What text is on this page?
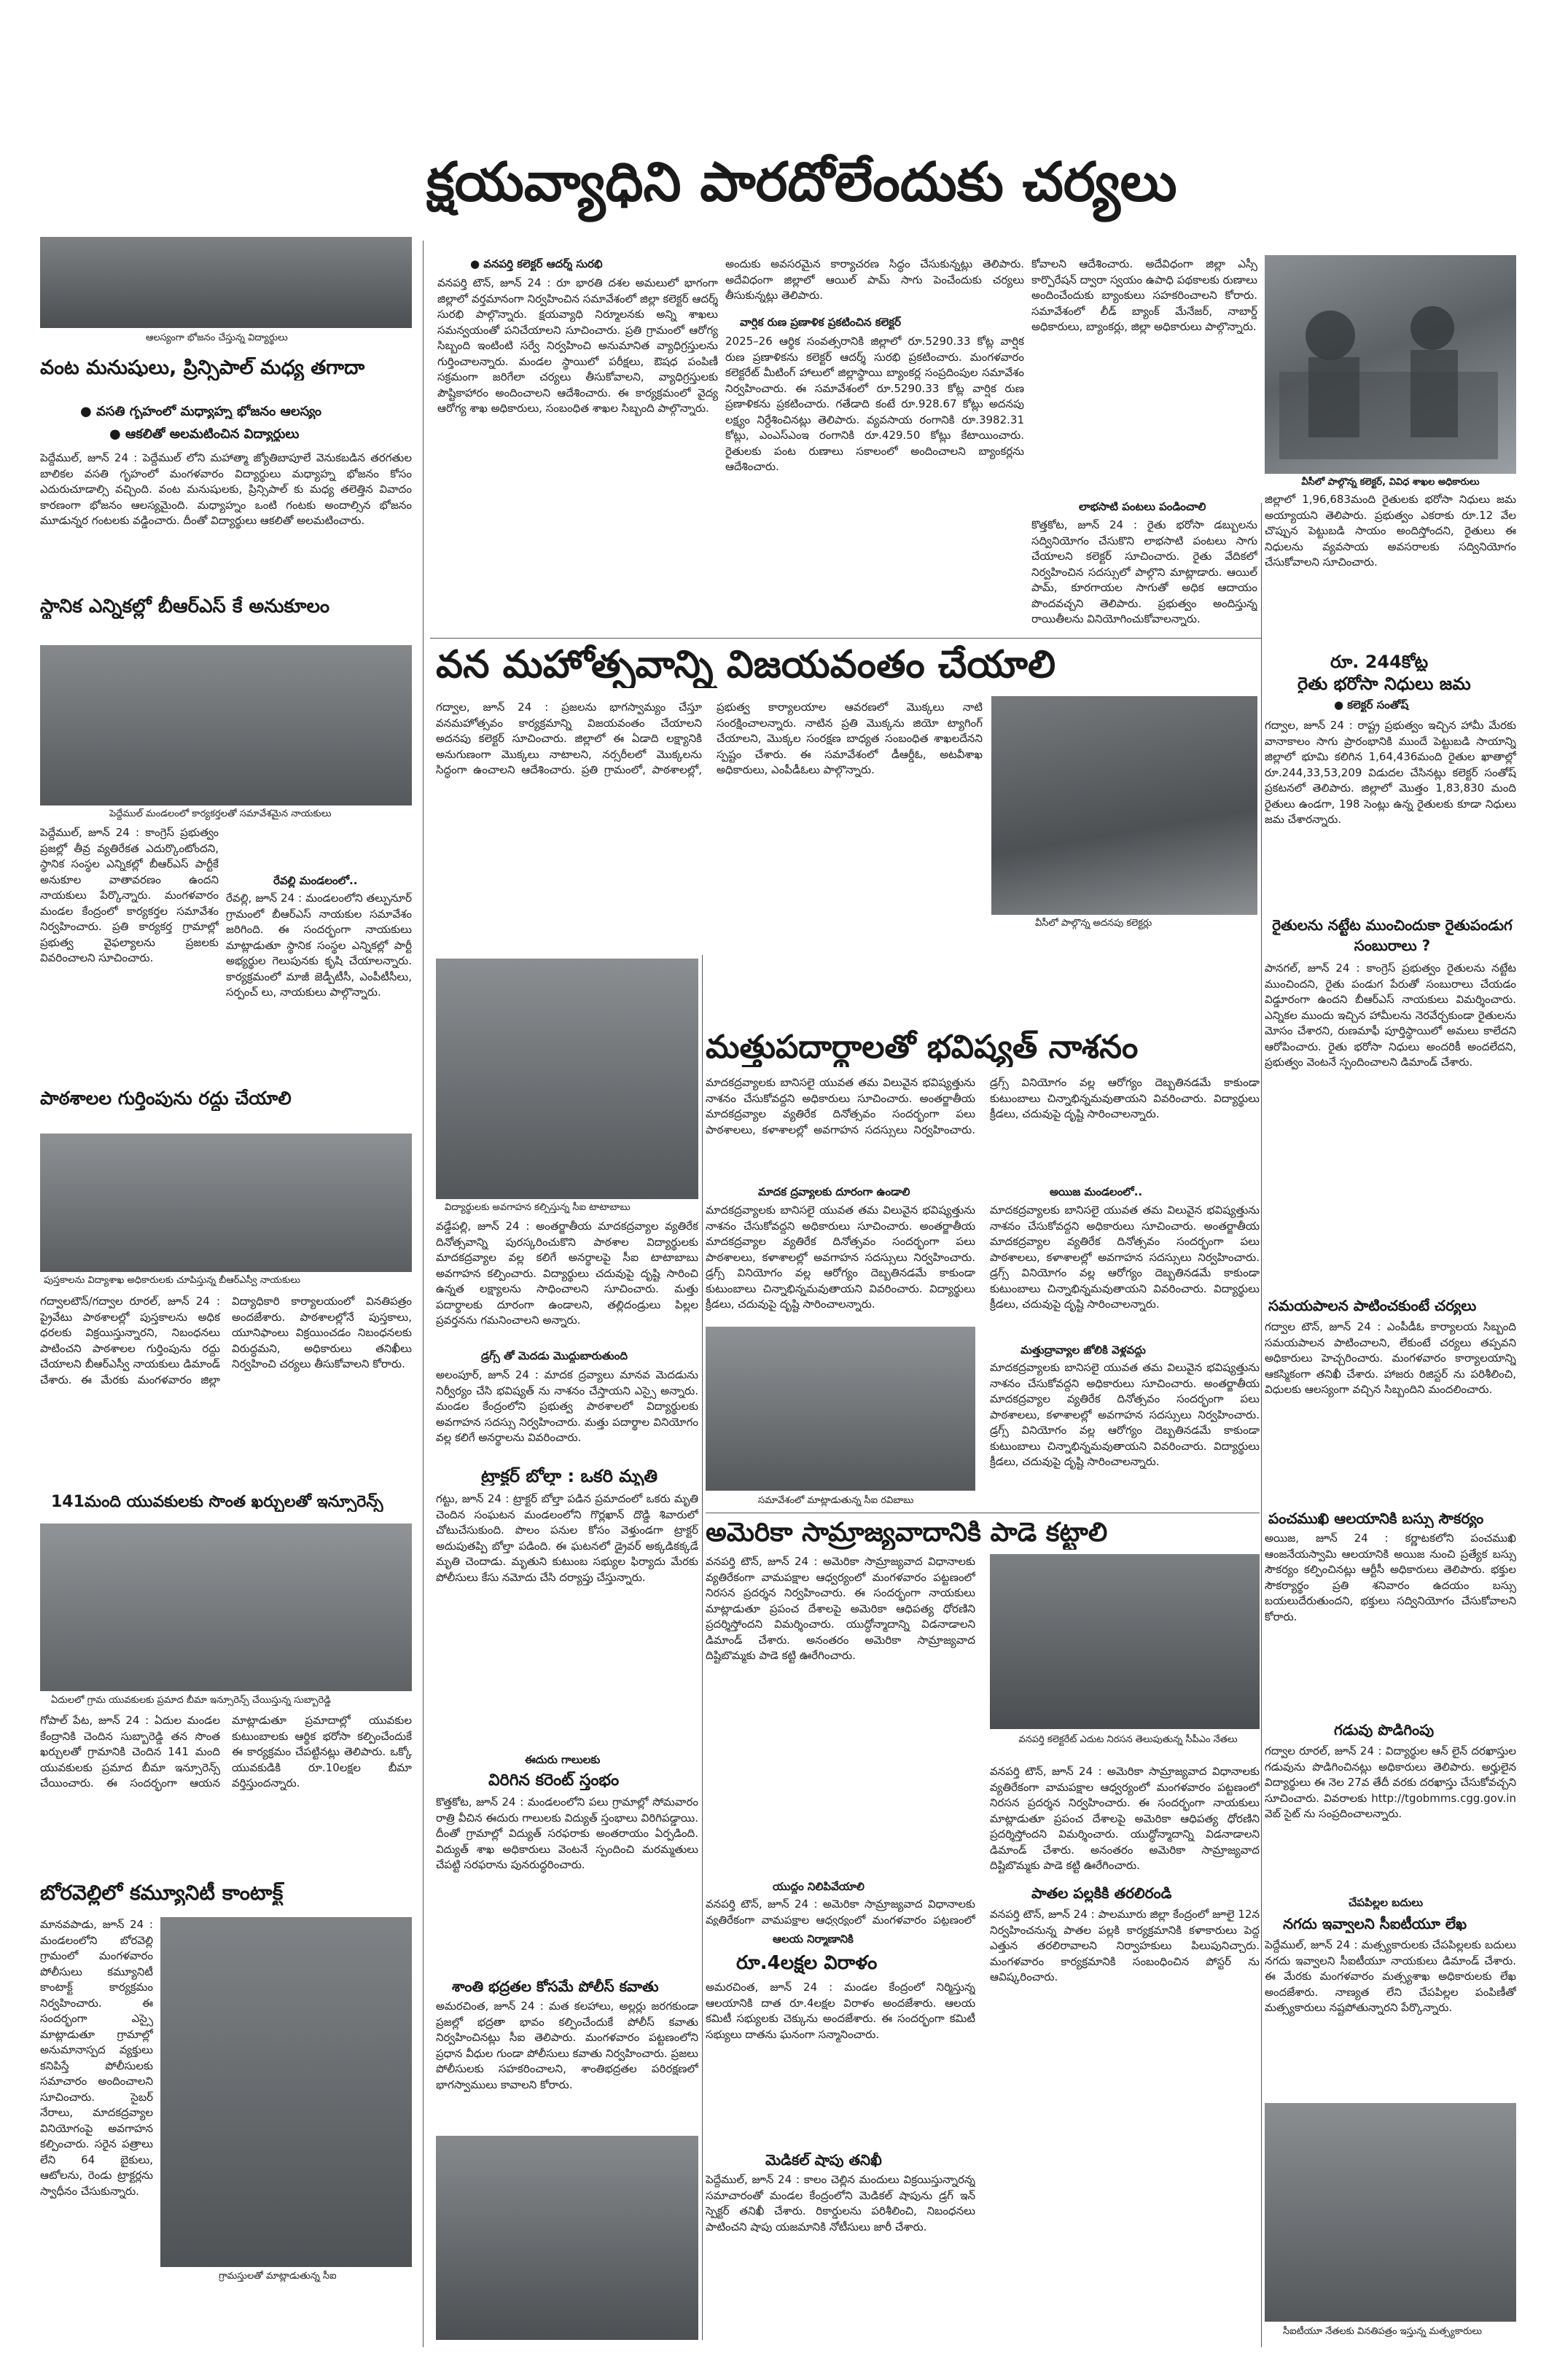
క్షయవ్యాధిని పారదోలేందుకు చర్యలు
● వనపర్తి కలెక్టర్ ఆదర్శ్ సురభి
వనపర్తి టౌన్, జూన్ 24 : రూ భారతి దశల అమలులో భాగంగా జిల్లాలో వర్తమానంగా నిర్వహించిన సమావేశంలో జిల్లా కలెక్టర్ ఆదర్శ్ సురభి పాల్గొన్నారు. క్షయవ్యాధి నిర్మూలనకు అన్ని శాఖలు సమన్వయంతో పనిచేయాలని సూచించారు. ప్రతి గ్రామంలో ఆరోగ్య సిబ్బంది ఇంటింటి సర్వే నిర్వహించి అనుమానిత వ్యాధిగ్రస్తులను గుర్తించాలన్నారు. మండల స్థాయిలో పరీక్షలు, ఔషధ పంపిణీ సక్రమంగా జరిగేలా చర్యలు తీసుకోవాలని, వ్యాధిగ్రస్తులకు పౌష్టికాహారం అందించాలని ఆదేశించారు. ఈ కార్యక్రమంలో వైద్య ఆరోగ్య శాఖ అధికారులు, సంబంధిత శాఖల సిబ్బంది పాల్గొన్నారు.
అందుకు అవసరమైన కార్యాచరణ సిద్ధం చేసుకున్నట్లు తెలిపారు. అదేవిధంగా జిల్లాలో ఆయిల్ పామ్ సాగు పెంచేందుకు చర్యలు తీసుకున్నట్లు తెలిపారు.
వార్షిక రుణ ప్రణాళిక ప్రకటించిన కలెక్టర్
2025–26 ఆర్థిక సంవత్సరానికి జిల్లాలో రూ.5290.33 కోట్ల వార్షిక రుణ ప్రణాళికను కలెక్టర్ ఆదర్శ్ సురభి ప్రకటించారు. మంగళవారం కలెక్టరేట్ మీటింగ్ హాలులో జిల్లాస్థాయి బ్యాంకర్ల సంప్రదింపుల సమావేశం నిర్వహించారు. ఈ సమావేశంలో రూ.5290.33 కోట్ల వార్షిక రుణ ప్రణాళికను ప్రకటించారు. గతేడాది కంటే రూ.928.67 కోట్లు అదనపు లక్ష్యం నిర్దేశించినట్లు తెలిపారు. వ్యవసాయ రంగానికి రూ.3982.31 కోట్లు, ఎంఎస్ఎంఇ రంగానికి రూ.429.50 కోట్లు కేటాయించారు. రైతులకు పంట రుణాలు సకాలంలో అందించాలని బ్యాంకర్లను ఆదేశించారు.
కోవాలని ఆదేశించారు. అదేవిధంగా జిల్లా ఎస్సీ కార్పొరేషన్ ద్వారా స్వయం ఉపాధి పథకాలకు రుణాలు అందించేందుకు బ్యాంకులు సహకరించాలని కోరారు. సమావేశంలో లీడ్ బ్యాంక్ మేనేజర్, నాబార్డ్ అధికారులు, బ్యాంకర్లు, జిల్లా అధికారులు పాల్గొన్నారు.
వీసీలో పాల్గొన్న కలెక్టర్, వివిధ శాఖల అధికారులు
ఆలస్యంగా భోజనం చేస్తున్న విద్యార్థులు
వంట మనుషులు, ప్రిన్సిపాల్ మధ్య తగాదా
● వసతి గృహంలో మధ్యాహ్న భోజనం ఆలస్యం
● ఆకలితో అలమటించిన విద్యార్థులు
పెద్దేముల్, జూన్ 24 : పెద్దేముల్ లోని మహాత్మా జ్యోతిబాపూలే వెనుకబడిన తరగతుల బాలికల వసతి గృహంలో మంగళవారం విద్యార్థులు మధ్యాహ్న భోజనం కోసం ఎదురుచూడాల్సి వచ్చింది. వంట మనుషులకు, ప్రిన్సిపాల్ కు మధ్య తలెత్తిన వివాదం కారణంగా భోజనం ఆలస్యమైంది. మధ్యాహ్నం ఒంటి గంటకు అందాల్సిన భోజనం మూడున్నర గంటలకు వడ్డించారు. దీంతో విద్యార్థులు ఆకలితో అలమటించారు.
స్థానిక ఎన్నికల్లో బీఆర్ఎస్ కే అనుకూలం
వన మహోత్సవాన్ని విజయవంతం చేయాలి
గద్వాల, జూన్ 24 : ప్రజలను భాగస్వామ్యం చేస్తూ వనమహోత్సవం కార్యక్రమాన్ని విజయవంతం చేయాలని అదనపు కలెక్టర్ సూచించారు. జిల్లాలో ఈ ఏడాది లక్ష్యానికి అనుగుణంగా మొక్కలు నాటాలని, నర్సరీలలో మొక్కలను సిద్ధంగా ఉంచాలని ఆదేశించారు. ప్రతి గ్రామంలో, పాఠశాలల్లో, ప్రభుత్వ కార్యాలయాల ఆవరణలో మొక్కలు నాటి సంరక్షించాలన్నారు. నాటిన ప్రతి మొక్కను జియో ట్యాగింగ్ చేయాలని, మొక్కల సంరక్షణ బాధ్యత సంబంధిత శాఖలదేనని స్పష్టం చేశారు. ఈ సమావేశంలో డీఆర్డీఓ, అటవీశాఖ అధికారులు, ఎంపీడీఓలు పాల్గొన్నారు.
వీసీలో పాల్గొన్న అదనపు కలెక్టర్లు
పెద్దేముల్ మండలంలో కార్యకర్తలతో సమావేశమైన నాయకులు
పెద్దేముల్, జూన్ 24 : కాంగ్రెస్ ప్రభుత్వం ప్రజల్లో తీవ్ర వ్యతిరేకత ఎదుర్కొంటోందని, స్థానిక సంస్థల ఎన్నికల్లో బీఆర్ఎస్ పార్టీకే అనుకూల వాతావరణం ఉందని నాయకులు పేర్కొన్నారు. మంగళవారం మండల కేంద్రంలో కార్యకర్తల సమావేశం నిర్వహించారు. ప్రతి కార్యకర్త గ్రామాల్లో ప్రభుత్వ వైఫల్యాలను ప్రజలకు వివరించాలని సూచించారు.
రేవల్లి మండలంలో..
రేవల్లి, జూన్ 24 : మండలంలోని తల్పునూర్ గ్రామంలో బీఆర్ఎస్ నాయకుల సమావేశం జరిగింది. ఈ సందర్భంగా నాయకులు మాట్లాడుతూ స్థానిక సంస్థల ఎన్నికల్లో పార్టీ అభ్యర్థుల గెలుపునకు కృషి చేయాలన్నారు. కార్యక్రమంలో మాజీ జెడ్పీటీసీ, ఎంపీటీసీలు, సర్పంచ్ లు, నాయకులు పాల్గొన్నారు.
పాఠశాలల గుర్తింపును రద్దు చేయాలి
పుస్తకాలను విద్యాశాఖ అధికారులకు చూపిస్తున్న బీఆర్ఎస్వీ నాయకులు
గద్వాలటౌన్/గద్వాల రూరల్, జూన్ 24 : ప్రైవేటు పాఠశాలల్లో పుస్తకాలను అధిక ధరలకు విక్రయిస్తున్నారని, నిబంధనలు పాటించని పాఠశాలల గుర్తింపును రద్దు చేయాలని బీఆర్ఎస్వీ నాయకులు డిమాండ్ చేశారు. ఈ మేరకు మంగళవారం జిల్లా విద్యాధికారి కార్యాలయంలో వినతిపత్రం అందజేశారు. పాఠశాలల్లోనే పుస్తకాలు, యూనిఫాంలు విక్రయించడం నిబంధనలకు విరుద్ధమని, అధికారులు తనిఖీలు నిర్వహించి చర్యలు తీసుకోవాలని కోరారు.
141మంది యువకులకు సొంత ఖర్చులతో ఇన్సూరెన్స్
ఏదులలో గ్రామ యువకులకు ప్రమాద బీమా ఇన్సూరెన్స్ చేయిస్తున్న సుబ్బారెడ్డి
గోపాల్ పేట, జూన్ 24 : ఏదుల మండల కేంద్రానికి చెందిన సుబ్బారెడ్డి తన సొంత ఖర్చులతో గ్రామానికి చెందిన 141 మంది యువకులకు ప్రమాద బీమా ఇన్సూరెన్స్ చేయించారు. ఈ సందర్భంగా ఆయన మాట్లాడుతూ ప్రమాదాల్లో యువకుల కుటుంబాలకు ఆర్థిక భరోసా కల్పించేందుకే ఈ కార్యక్రమం చేపట్టినట్లు తెలిపారు. ఒక్కో యువకుడికి రూ.10లక్షల బీమా వర్తిస్తుందన్నారు.
బోరవెల్లిలో కమ్యూనిటీ కాంటాక్ట్
మానవపాడు, జూన్ 24 : మండలంలోని బోరవెల్లి గ్రామంలో మంగళవారం పోలీసులు కమ్యూనిటీ కాంటాక్ట్ కార్యక్రమం నిర్వహించారు. ఈ సందర్భంగా ఎస్సై మాట్లాడుతూ గ్రామాల్లో అనుమానాస్పద వ్యక్తులు కనిపిస్తే పోలీసులకు సమాచారం అందించాలని సూచించారు. సైబర్ నేరాలు, మాదకద్రవ్యాల వినియోగంపై అవగాహన కల్పించారు. సరైన పత్రాలు లేని 64 బైకులు, ఆటోలను, రెండు ట్రాక్టర్లను స్వాధీనం చేసుకున్నారు.
గ్రామస్తులతో మాట్లాడుతున్న సీఐ
విద్యార్థులకు అవగాహన కల్పిస్తున్న సీఐ టాటాబాబు
వడ్డేపల్లి, జూన్ 24 : అంతర్జాతీయ మాదకద్రవ్యాల వ్యతిరేక దినోత్సవాన్ని పురస్కరించుకొని పాఠశాల విద్యార్థులకు మాదకద్రవ్యాల వల్ల కలిగే అనర్థాలపై సీఐ టాటాబాబు అవగాహన కల్పించారు. విద్యార్థులు చదువుపై దృష్టి సారించి ఉన్నత లక్ష్యాలను సాధించాలని సూచించారు. మత్తు పదార్థాలకు దూరంగా ఉండాలని, తల్లిదండ్రులు పిల్లల ప్రవర్తనను గమనించాలని అన్నారు.
డ్రగ్స్ తో మెదడు మొద్దుబారుతుంది
అలంపూర్, జూన్ 24 : మాదక ద్రవ్యాలు మానవ మెదడును నిర్వీర్యం చేసి భవిష్యత్ ను నాశనం చేస్తాయని ఎస్సై అన్నారు. మండల కేంద్రంలోని ప్రభుత్వ పాఠశాలలో విద్యార్థులకు అవగాహన సదస్సు నిర్వహించారు. మత్తు పదార్థాల వినియోగం వల్ల కలిగే అనర్థాలను వివరించారు.
ట్రాక్టర్ బోల్తా : ఒకరి మృతి
గట్టు, జూన్ 24 : ట్రాక్టర్ బోల్తా పడిన ప్రమాదంలో ఒకరు మృతి చెందిన సంఘటన మండలంలోని గొర్లఖాన్ దొడ్డి శివారులో చోటుచేసుకుంది. పొలం పనుల కోసం వెళ్తుండగా ట్రాక్టర్ అదుపుతప్పి బోల్తా పడింది. ఈ ఘటనలో డ్రైవర్ అక్కడికక్కడే మృతి చెందాడు. మృతుని కుటుంబ సభ్యుల ఫిర్యాదు మేరకు పోలీసులు కేసు నమోదు చేసి దర్యాప్తు చేస్తున్నారు.
ఈదురు గాలులకు
విరిగిన కరెంట్ స్తంభం
కొత్తకోట, జూన్ 24 : మండలంలోని పలు గ్రామాల్లో సోమవారం రాత్రి వీచిన ఈదురు గాలులకు విద్యుత్ స్తంభాలు విరిగిపడ్డాయి. దీంతో గ్రామాల్లో విద్యుత్ సరఫరాకు అంతరాయం ఏర్పడింది. విద్యుత్ శాఖ అధికారులు వెంటనే స్పందించి మరమ్మతులు చేపట్టి సరఫరాను పునరుద్ధరించారు.
శాంతి భద్రతల కోసమే పోలీస్ కవాతు
అమరచింత, జూన్ 24 : మత కలహాలు, అల్లర్లు జరగకుండా ప్రజల్లో భద్రతా భావం కల్పించేందుకే పోలీస్ కవాతు నిర్వహించినట్లు సీఐ తెలిపారు. మంగళవారం పట్టణంలోని ప్రధాన వీధుల గుండా పోలీసులు కవాతు నిర్వహించారు. ప్రజలు పోలీసులకు సహకరించాలని, శాంతిభద్రతల పరిరక్షణలో భాగస్వాములు కావాలని కోరారు.
మత్తుపదార్థాలతో భవిష్యత్ నాశనం
మాదకద్రవ్యాలకు బానిసలై యువత తమ విలువైన భవిష్యత్తును నాశనం చేసుకోవద్దని అధికారులు సూచించారు. అంతర్జాతీయ మాదకద్రవ్యాల వ్యతిరేక దినోత్సవం సందర్భంగా పలు పాఠశాలలు, కళాశాలల్లో అవగాహన సదస్సులు నిర్వహించారు. డ్రగ్స్ వినియోగం వల్ల ఆరోగ్యం దెబ్బతినడమే కాకుండా కుటుంబాలు చిన్నాభిన్నమవుతాయని వివరించారు. విద్యార్థులు క్రీడలు, చదువుపై దృష్టి సారించాలన్నారు.
మాదక ద్రవ్యాలకు దూరంగా ఉండాలి	అయిజ మండలంలో..
మాదకద్రవ్యాలకు బానిసలై యువత తమ విలువైన భవిష్యత్తును నాశనం చేసుకోవద్దని అధికారులు సూచించారు. అంతర్జాతీయ మాదకద్రవ్యాల వ్యతిరేక దినోత్సవం సందర్భంగా పలు పాఠశాలలు, కళాశాలల్లో అవగాహన సదస్సులు నిర్వహించారు. డ్రగ్స్ వినియోగం వల్ల ఆరోగ్యం దెబ్బతినడమే కాకుండా కుటుంబాలు చిన్నాభిన్నమవుతాయని వివరించారు. విద్యార్థులు క్రీడలు, చదువుపై దృష్టి సారించాలన్నారు.
మాదకద్రవ్యాలకు బానిసలై యువత తమ విలువైన భవిష్యత్తును నాశనం చేసుకోవద్దని అధికారులు సూచించారు. అంతర్జాతీయ మాదకద్రవ్యాల వ్యతిరేక దినోత్సవం సందర్భంగా పలు పాఠశాలలు, కళాశాలల్లో అవగాహన సదస్సులు నిర్వహించారు. డ్రగ్స్ వినియోగం వల్ల ఆరోగ్యం దెబ్బతినడమే కాకుండా కుటుంబాలు చిన్నాభిన్నమవుతాయని వివరించారు. విద్యార్థులు క్రీడలు, చదువుపై దృష్టి సారించాలన్నారు.
మత్తుద్రావ్యాల జోలికి వెళ్లవద్దు
సమావేశంలో మాట్లాడుతున్న సీఐ రవిబాబు
మాదకద్రవ్యాలకు బానిసలై యువత తమ విలువైన భవిష్యత్తును నాశనం చేసుకోవద్దని అధికారులు సూచించారు. అంతర్జాతీయ మాదకద్రవ్యాల వ్యతిరేక దినోత్సవం సందర్భంగా పలు పాఠశాలలు, కళాశాలల్లో అవగాహన సదస్సులు నిర్వహించారు. డ్రగ్స్ వినియోగం వల్ల ఆరోగ్యం దెబ్బతినడమే కాకుండా కుటుంబాలు చిన్నాభిన్నమవుతాయని వివరించారు. విద్యార్థులు క్రీడలు, చదువుపై దృష్టి సారించాలన్నారు.
అమెరికా సామ్రాజ్యవాదానికి పాడె కట్టాలి
వనపర్తి టౌన్, జూన్ 24 : అమెరికా సామ్రాజ్యవాద విధానాలకు వ్యతిరేకంగా వామపక్షాల ఆధ్వర్యంలో మంగళవారం పట్టణంలో నిరసన ప్రదర్శన నిర్వహించారు. ఈ సందర్భంగా నాయకులు మాట్లాడుతూ ప్రపంచ దేశాలపై అమెరికా ఆధిపత్య ధోరణిని ప్రదర్శిస్తోందని విమర్శించారు. యుద్ధోన్మాదాన్ని విడనాడాలని డిమాండ్ చేశారు. అనంతరం అమెరికా సామ్రాజ్యవాద దిష్టిబొమ్మకు పాడె కట్టి ఊరేగించారు.
వనపర్తి కలెక్టరేట్ ఎదుట నిరసన తెలుపుతున్న సీపీఎం నేతలు
వనపర్తి టౌన్, జూన్ 24 : అమెరికా సామ్రాజ్యవాద విధానాలకు వ్యతిరేకంగా వామపక్షాల ఆధ్వర్యంలో మంగళవారం పట్టణంలో నిరసన ప్రదర్శన నిర్వహించారు. ఈ సందర్భంగా నాయకులు మాట్లాడుతూ ప్రపంచ దేశాలపై అమెరికా ఆధిపత్య ధోరణిని ప్రదర్శిస్తోందని విమర్శించారు. యుద్ధోన్మాదాన్ని విడనాడాలని డిమాండ్ చేశారు. అనంతరం అమెరికా సామ్రాజ్యవాద దిష్టిబొమ్మకు పాడె కట్టి ఊరేగించారు.
యుద్ధం నిలిపివేయాలి
వనపర్తి టౌన్, జూన్ 24 : అమెరికా సామ్రాజ్యవాద విధానాలకు వ్యతిరేకంగా వామపక్షాల ఆధ్వర్యంలో మంగళవారం పట్టణంలో
ఆలయ నిర్మాణానికి
రూ.4లక్షల విరాళం
అమరచింత, జూన్ 24 : మండల కేంద్రంలో నిర్మిస్తున్న ఆలయానికి దాత రూ.4లక్షల విరాళం అందజేశారు. ఆలయ కమిటీ సభ్యులకు చెక్కును అందజేశారు. ఈ సందర్భంగా కమిటీ సభ్యులు దాతను ఘనంగా సన్మానించారు.
మెడికల్ షాపు తనిఖీ
పెద్దేముల్, జూన్ 24 : కాలం చెల్లిన మందులు విక్రయిస్తున్నారన్న సమాచారంతో మండల కేంద్రంలోని మెడికల్ షాపును డ్రగ్ ఇన్ స్పెక్టర్ తనిఖీ చేశారు. రికార్డులను పరిశీలించి, నిబంధనలు పాటించని షాపు యజమానికి నోటీసులు జారీ చేశారు.
పాతల పల్లకికి తరలిరండి
వనపర్తి టౌన్, జూన్ 24 : పాలమూరు జిల్లా కేంద్రంలో జూలై 12న నిర్వహించనున్న పాతల పల్లకి కార్యక్రమానికి కళాకారులు పెద్ద ఎత్తున తరలిరావాలని నిర్వాహకులు పిలుపునిచ్చారు. మంగళవారం కార్యక్రమానికి సంబంధించిన పోస్టర్ ను ఆవిష్కరించారు.
లాభసాటి పంటలు పండించాలి
కొత్తకోట, జూన్ 24 : రైతు భరోసా డబ్బులను సద్వినియోగం చేసుకొని లాభసాటి పంటలు సాగు చేయాలని కలెక్టర్ సూచించారు. రైతు వేదికలో నిర్వహించిన సదస్సులో పాల్గొని మాట్లాడారు. ఆయిల్ పామ్, కూరగాయల సాగుతో అధిక ఆదాయం పొందవచ్చని తెలిపారు. ప్రభుత్వం అందిస్తున్న రాయితీలను వినియోగించుకోవాలన్నారు.
జిల్లాలో 1,96,683మంది రైతులకు భరోసా నిధులు జమ అయ్యాయని తెలిపారు. ప్రభుత్వం ఎకరాకు రూ.12 వేల చొప్పున పెట్టుబడి సాయం అందిస్తోందని, రైతులు ఈ నిధులను వ్యవసాయ అవసరాలకు సద్వినియోగం చేసుకోవాలని సూచించారు.
రూ. 244కోట్ల
రైతు భరోసా నిధులు జమ
● కలెక్టర్ సంతోష్
గద్వాల, జూన్ 24 : రాష్ట్ర ప్రభుత్వం ఇచ్చిన హామీ మేరకు వానాకాలం సాగు ప్రారంభానికి ముందే పెట్టుబడి సాయాన్ని జిల్లాలో భూమి కలిగిన 1,64,436మంది రైతుల ఖాతాల్లో రూ.244,33,53,209 విడుదల చేసినట్లు కలెక్టర్ సంతోష్ ప్రకటనలో తెలిపారు. జిల్లాలో మొత్తం 1,83,830 మంది రైతులు ఉండగా, 198 సెంట్లు ఉన్న రైతులకు కూడా నిధులు జమ చేశారన్నారు.
రైతులను నట్టేట ముంచిందుకా రైతుపండుగ సంబురాలు ?
పానగల్, జూన్ 24 : కాంగ్రెస్ ప్రభుత్వం రైతులను నట్టేట ముంచిందని, రైతు పండుగ పేరుతో సంబురాలు చేయడం విడ్డూరంగా ఉందని బీఆర్ఎస్ నాయకులు విమర్శించారు. ఎన్నికల ముందు ఇచ్చిన హామీలను నెరవేర్చకుండా రైతులను మోసం చేశారని, రుణమాఫీ పూర్తిస్థాయిలో అమలు కాలేదని ఆరోపించారు. రైతు భరోసా నిధులు అందరికీ అందలేదని, ప్రభుత్వం వెంటనే స్పందించాలని డిమాండ్ చేశారు.
సమయపాలన పాటించకుంటే చర్యలు
గద్వాల టౌన్, జూన్ 24 : ఎంపీడీఓ కార్యాలయ సిబ్బంది సమయపాలన పాటించాలని, లేకుంటే చర్యలు తప్పవని అధికారులు హెచ్చరించారు. మంగళవారం కార్యాలయాన్ని ఆకస్మికంగా తనిఖీ చేశారు. హాజరు రిజిస్టర్ ను పరిశీలించి, విధులకు ఆలస్యంగా వచ్చిన సిబ్బందిని మందలించారు.
పంచముఖి ఆలయానికి బస్సు సౌకర్యం
అయిజ, జూన్ 24 : కర్ణాటకలోని పంచముఖి ఆంజనేయస్వామి ఆలయానికి అయిజ నుంచి ప్రత్యేక బస్సు సౌకర్యం కల్పించినట్లు ఆర్టీసీ అధికారులు తెలిపారు. భక్తుల సౌకర్యార్థం ప్రతి శనివారం ఉదయం బస్సు బయలుదేరుతుందని, భక్తులు సద్వినియోగం చేసుకోవాలని కోరారు.
గడువు పొడిగింపు
గద్వాల రూరల్, జూన్ 24 : విద్యార్థుల ఆన్ లైన్ దరఖాస్తుల గడువును పొడిగించినట్లు అధికారులు తెలిపారు. అర్హులైన విద్యార్థులు ఈ నెల 27వ తేదీ వరకు దరఖాస్తు చేసుకోవచ్చని సూచించారు. వివరాలకు http://tgobmms.cgg.gov.in వెబ్ సైట్ ను సంప్రదించాలన్నారు.
చేపపిల్లల బదులు
నగదు ఇవ్వాలని సీఐటీయూ లేఖ
పెద్దేముల్, జూన్ 24 : మత్స్యకారులకు చేపపిల్లలకు బదులు నగదు ఇవ్వాలని సీఐటీయూ నాయకులు డిమాండ్ చేశారు. ఈ మేరకు మంగళవారం మత్స్యశాఖ అధికారులకు లేఖ అందజేశారు. నాణ్యత లేని చేపపిల్లల పంపిణీతో మత్స్యకారులు నష్టపోతున్నారని పేర్కొన్నారు.
సీఐటీయూ నేతలకు వినతిపత్రం ఇస్తున్న మత్స్యకారులు
